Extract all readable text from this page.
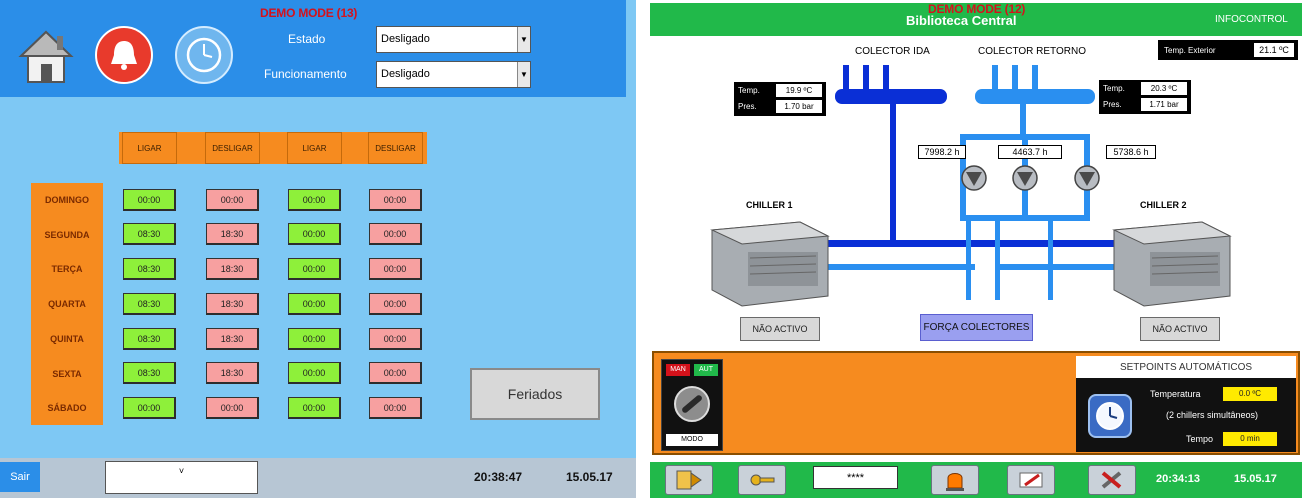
DEMO MODE (13)
Estado	Desligado	▼
Funcionamento	Desligado	▼
LIGAR	DESLIGAR	LIGAR	DESLIGAR
DOMINGO	00:00	00:00	00:00	00:00
SEGUNDA	08:30	18:30	00:00	00:00
TERÇA	08:30	18:30	00:00	00:00
QUARTA	08:30	18:30	00:00	00:00
QUINTA	08:30	18:30	00:00	00:00
SEXTA	08:30	18:30	00:00	00:00
SÁBADO	00:00	00:00	00:00	00:00
Feriados
Sair	˅	20:38:47	15.05.17
DEMO MODE (12)
Biblioteca Central	INFOCONTROL
COLECTOR IDA	COLECTOR RETORNO	Temp. Exterior	21.1 ºC
Temp.	19.9 ºC
Pres.	1.70 bar
Temp.	20.3 ºC
Pres.	1.71 bar
7998.2 h	4463.7 h	5738.6 h
CHILLER 1	CHILLER 2
NÃO ACTIVO	FORÇA COLECTORES	NÃO ACTIVO
MAN	AUT
MODO
SETPOINTS AUTOMÁTICOS
Temperatura	0.0 ºC
(2 chillers simultâneos)
Tempo	0 min
****	20:34:13	15.05.17
